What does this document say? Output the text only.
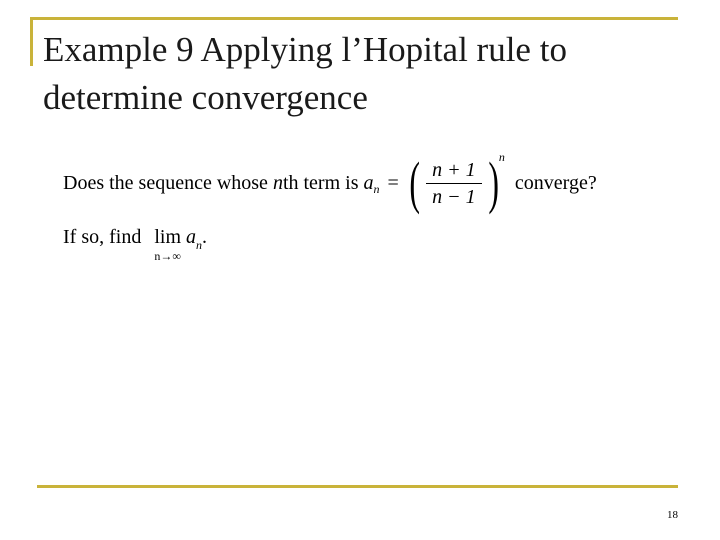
Example 9 Applying l’Hopital rule to determine convergence
Does the sequence whose n th term is a n = ( $\frac{n + 1}{n - 1}$ ) n
converge?
If so, find lim
n→∞
$a_n$.
18
